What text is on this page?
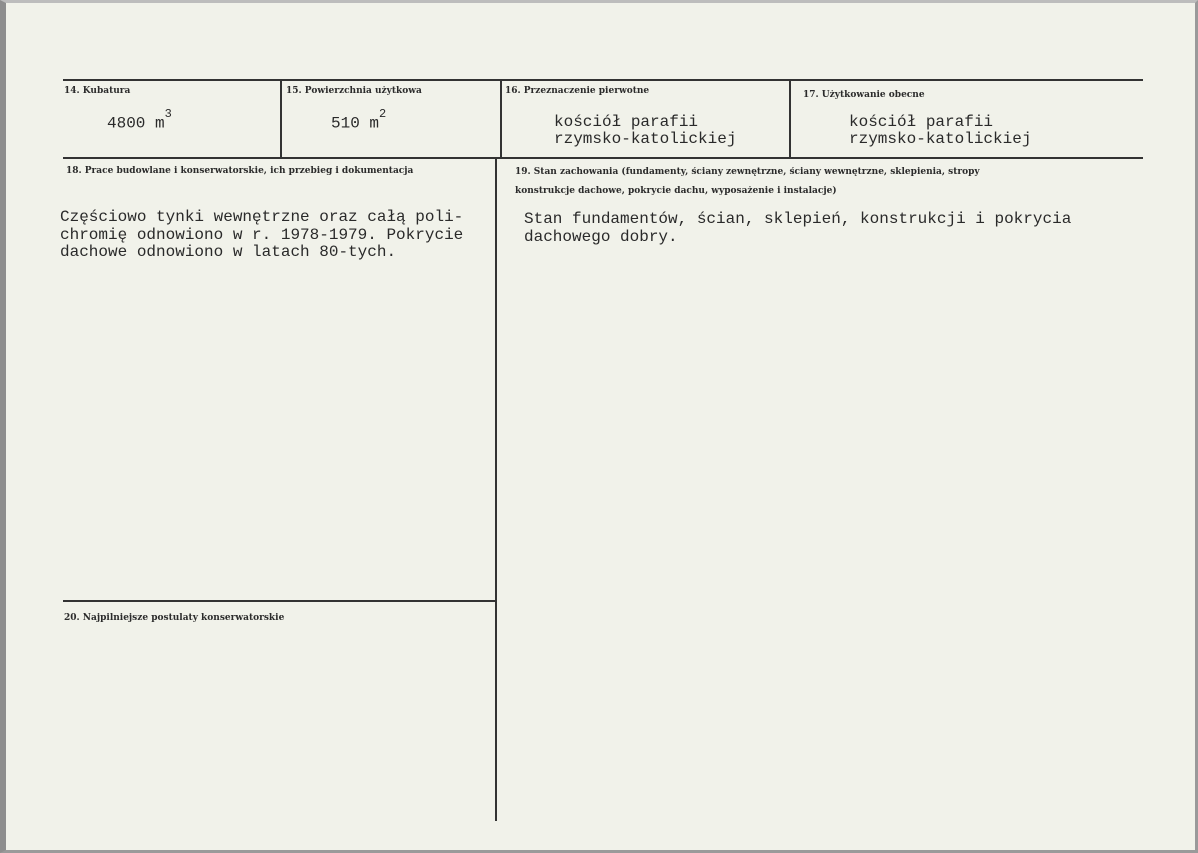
14. Kubatura
4800 $m^3$
15. Powierzchnia użytkowa
510 $m^2$
16. Przeznaczenie pierwotne
kościół parafii
rzymsko-katolickiej
17. Użytkowanie obecne
kościół parafii
rzymsko-katolickiej
18. Prace budowlane i konserwatorskie, ich przebieg i dokumentacja
Częściowo tynki wewnętrzne oraz całą poli-
chromię odnowiono w r. 1978-1979. Pokrycie
dachowe odnowiono w latach 80-tych.
19. Stan zachowania (fundamenty, ściany zewnętrzne, ściany wewnętrzne, sklepienia, stropy
konstrukcje dachowe, pokrycie dachu, wyposażenie i instalacje)
Stan fundamentów, ścian, sklepień, konstrukcji i pokrycia
dachowego dobry.
20. Najpilniejsze postulaty konserwatorskie
